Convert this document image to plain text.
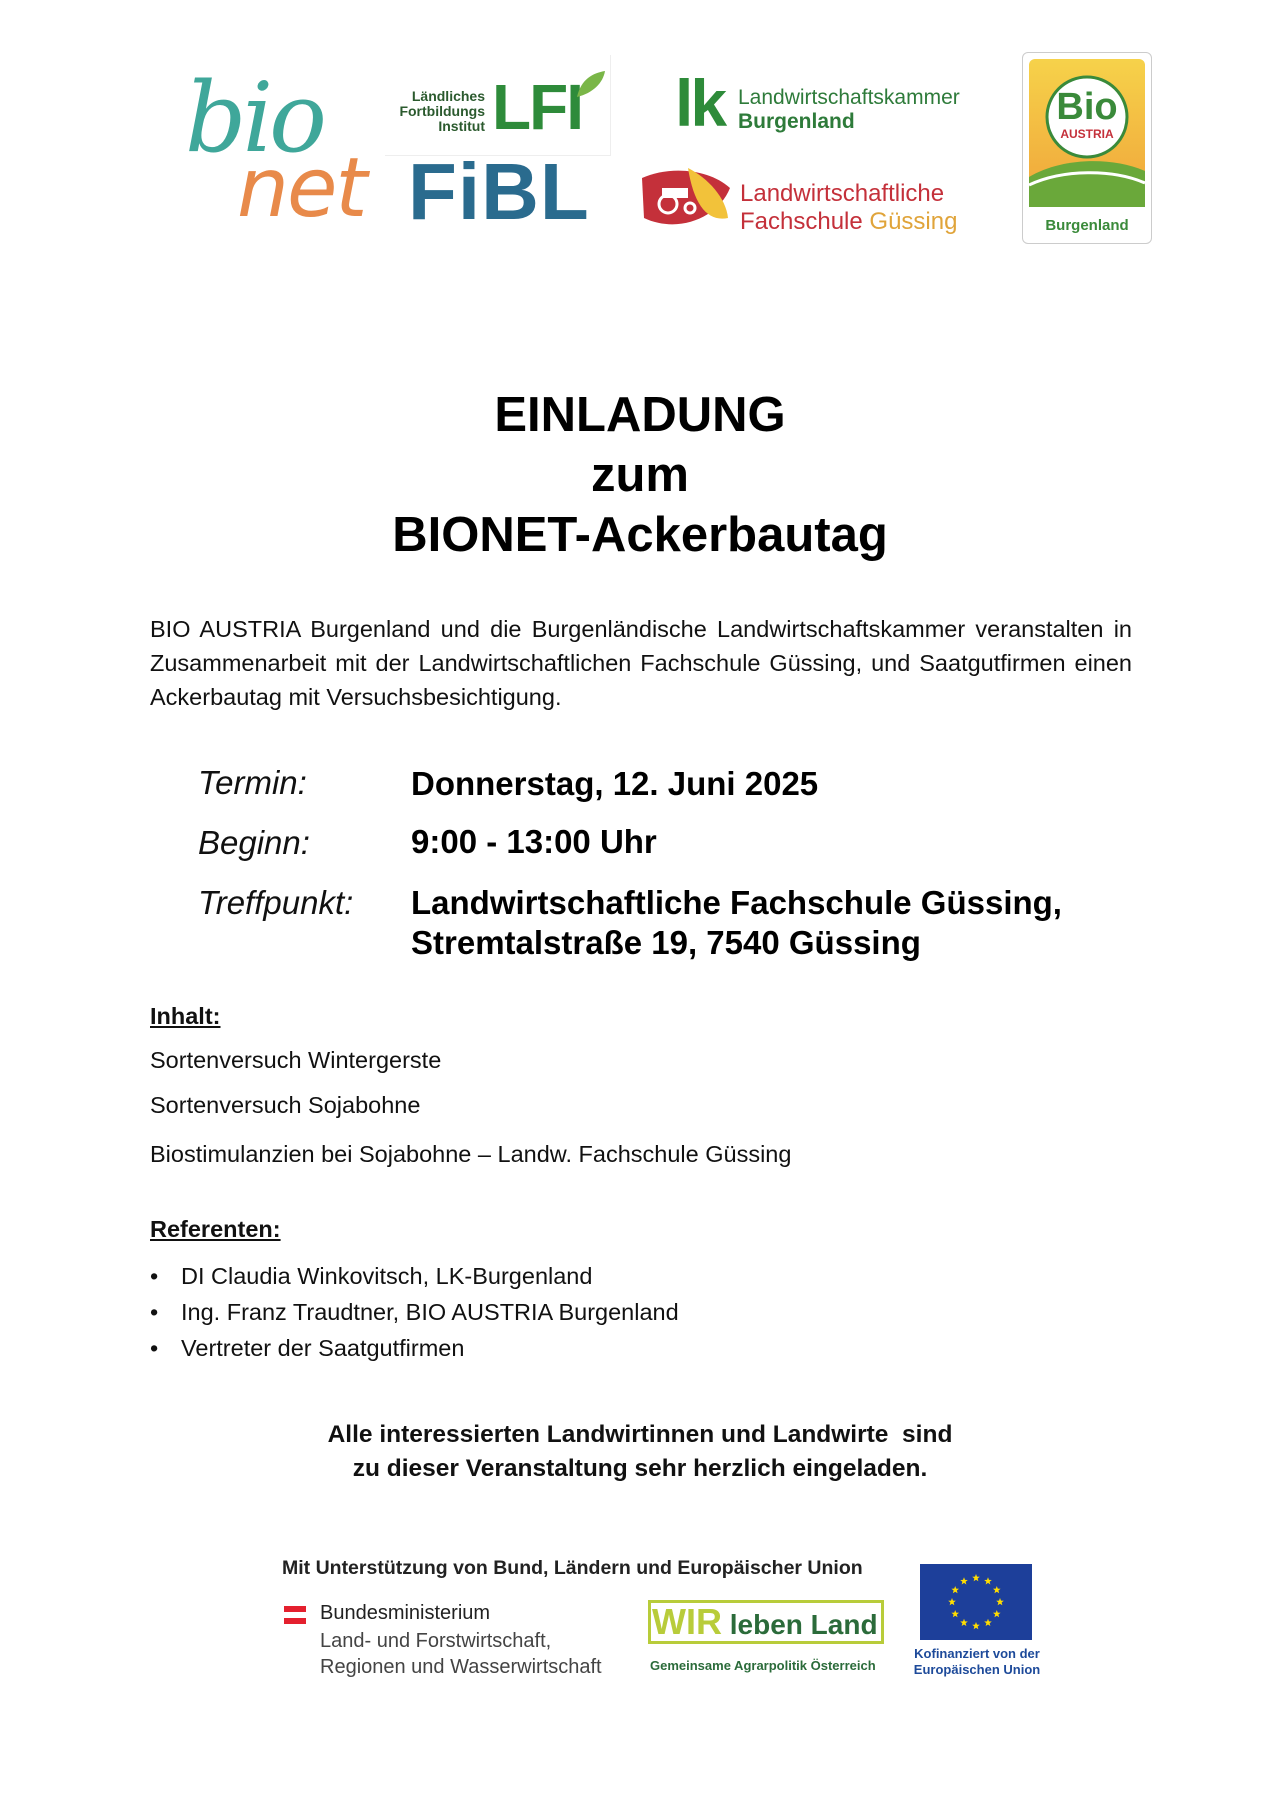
bio
net
Ländliches
Fortbildungs
Institut LFI
FiBL
lk Landwirtschaftskammer
Burgenland
Landwirtschaftliche
Fachschule Güssing
Bio
AUSTRIA
Burgenland
EINLADUNG
zum
BIONET-Ackerbautag
BIO AUSTRIA Burgenland und die Burgenländische Landwirtschaftskammer veranstalten in Zusammenarbeit mit der Landwirtschaftlichen Fachschule Güssing, und Saatgutfirmen einen Ackerbautag mit Versuchsbesichtigung.
Termin:	Donnerstag, 12. Juni 2025
Beginn:	9:00 - 13:00 Uhr
Treffpunkt: Landwirtschaftliche Fachschule Güssing,
Stremtalstraße 19, 7540 Güssing
Inhalt:
Sortenversuch Wintergerste
Sortenversuch Sojabohne
Biostimulanzien bei Sojabohne – Landw. Fachschule Güssing
Referenten:
• DI Claudia Winkovitsch, LK-Burgenland
• Ing. Franz Traudtner, BIO AUSTRIA Burgenland
• Vertreter der Saatgutfirmen
Alle interessierten Landwirtinnen und Landwirte  sind
zu dieser Veranstaltung sehr herzlich eingeladen.
Mit Unterstützung von Bund, Ländern und Europäischer Union
Bundesministerium
Land- und Forstwirtschaft,
Regionen und Wasserwirtschaft
WIR leben Land
Gemeinsame Agrarpolitik Österreich
Kofinanziert von der
Europäischen Union
